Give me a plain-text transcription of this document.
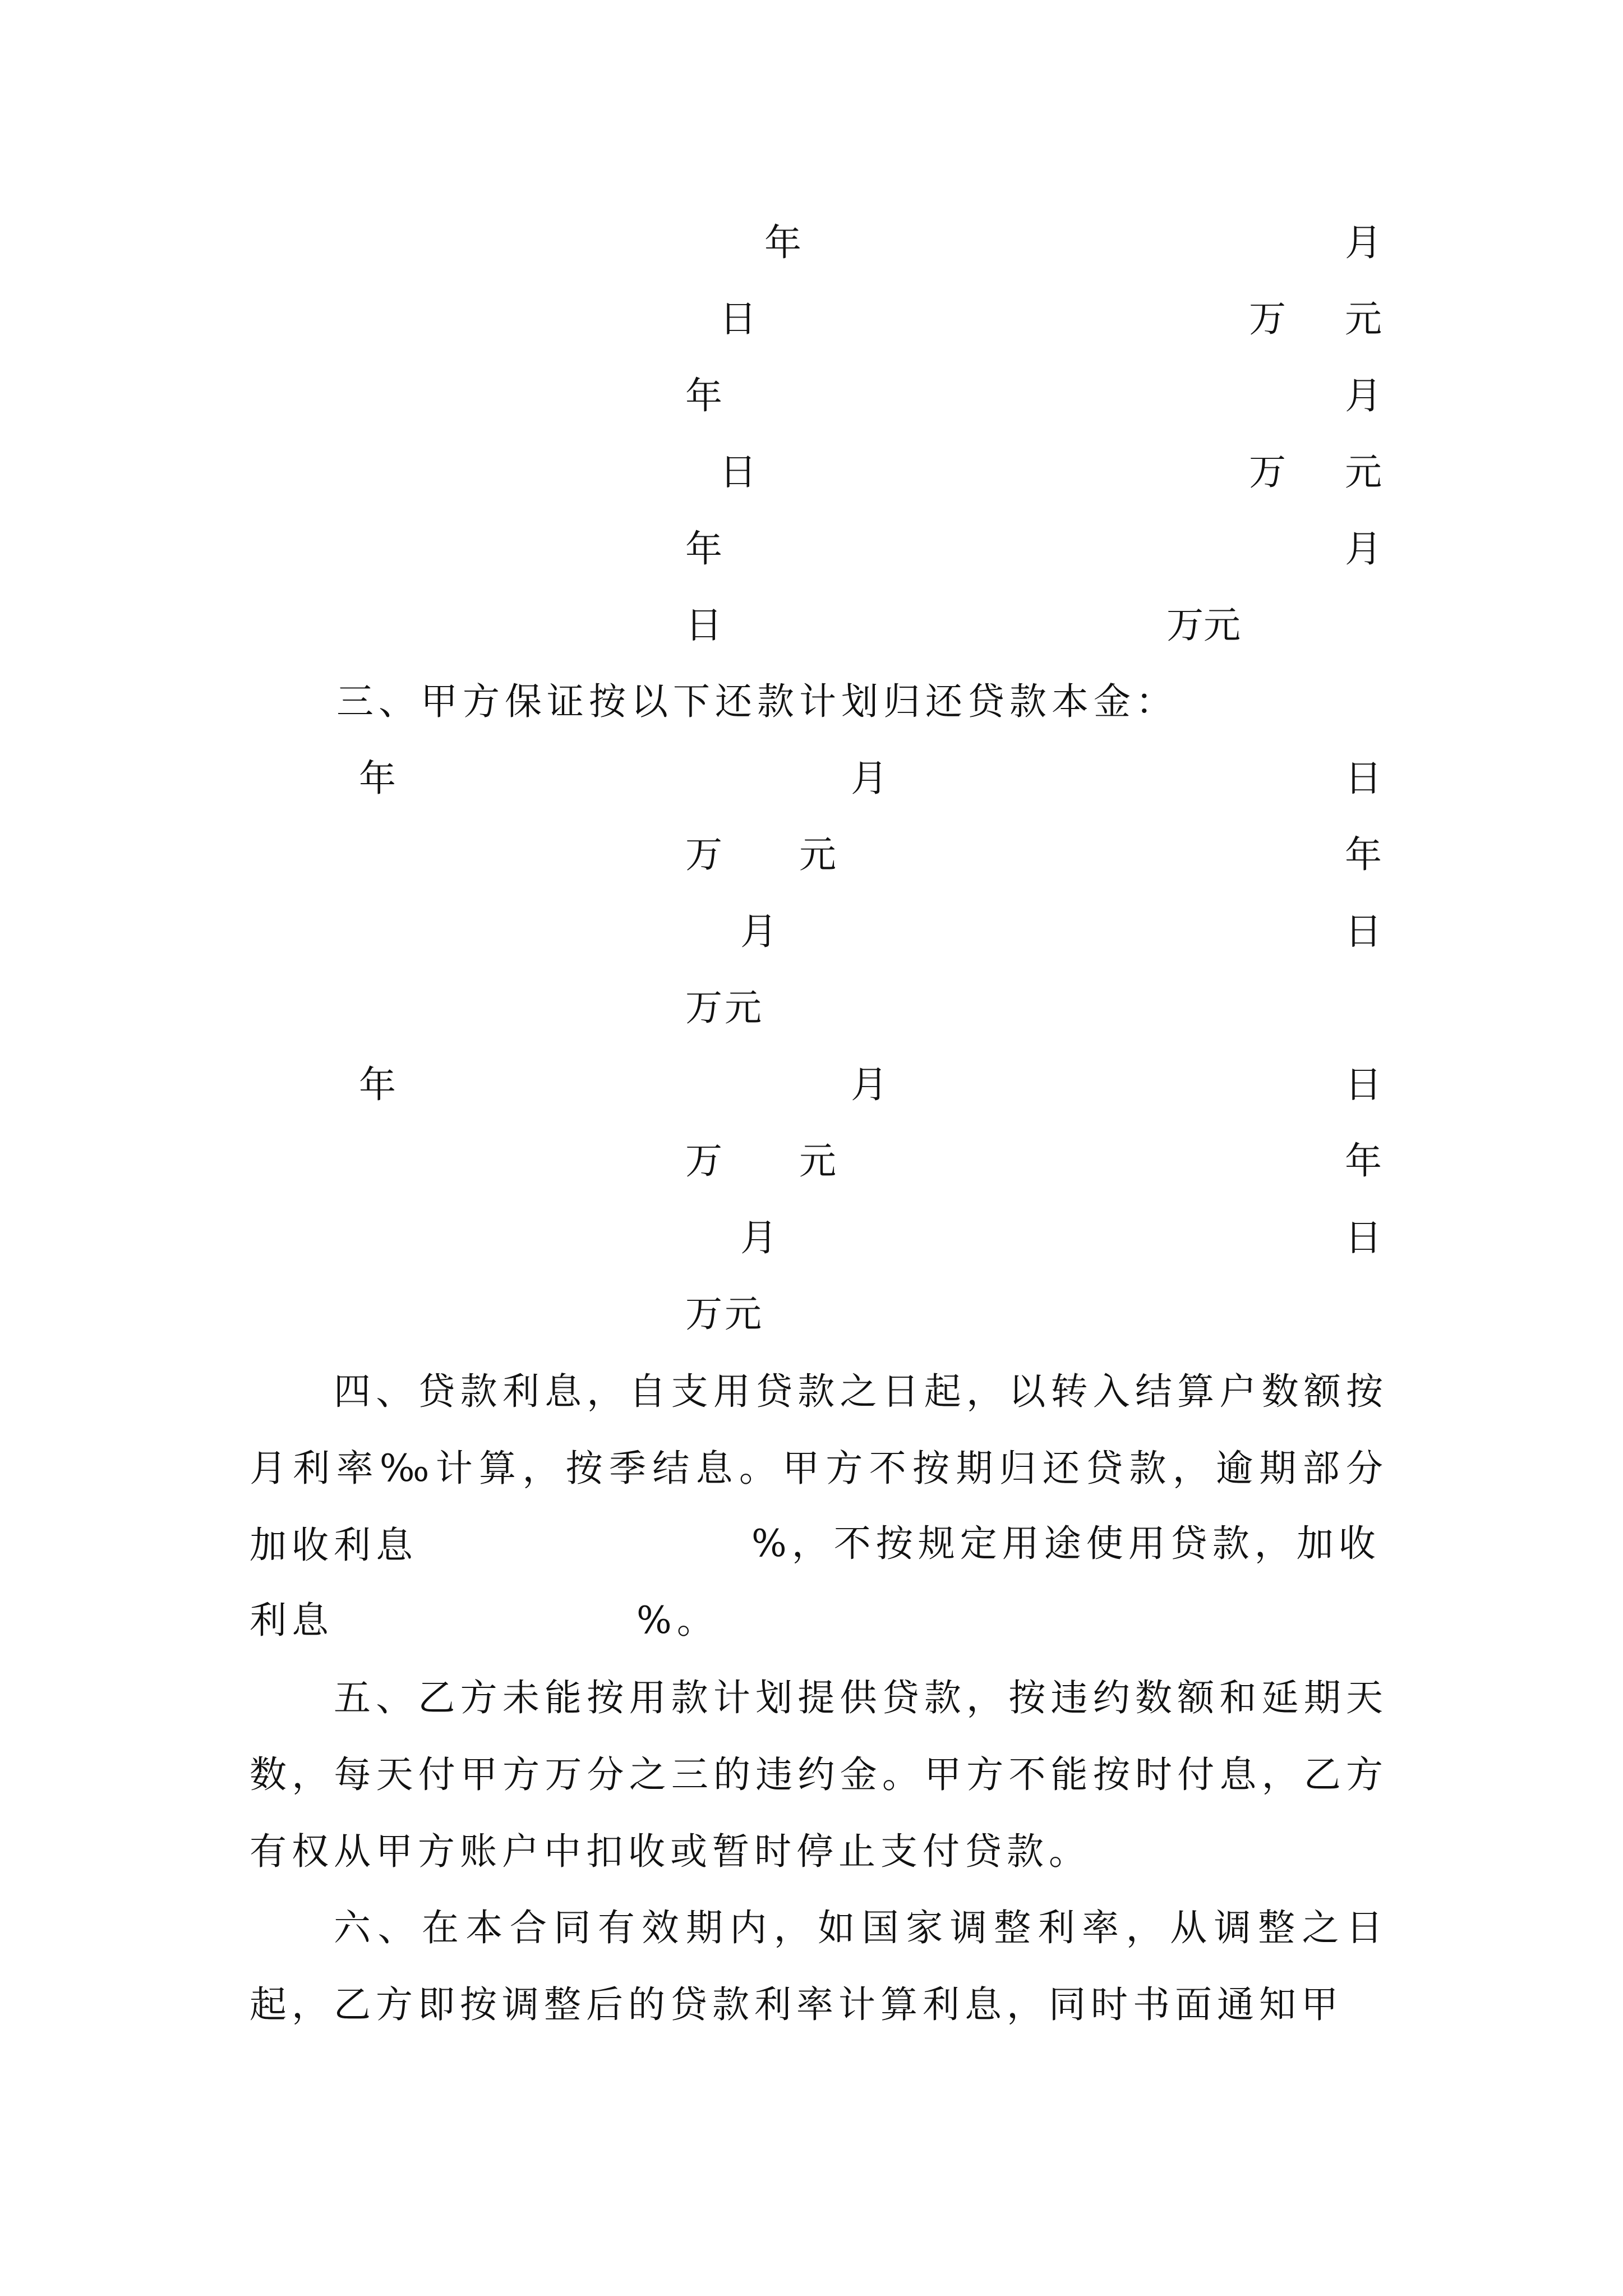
年	月
日	万 元
年	月
日	万 元
年	月
日	万元
三、甲方保证按以下还款计划归还贷款本金：
年	月	日
万 元	年
月	日
万元
年	月	日
万 元	年
月	日
万元
四、贷款利息，自支用贷款之日起，以转入结算户数额按月利率‰计算，按季结息。甲方不按期归还贷款，逾期部分加收利息	%，不按规定用途使用贷款，加收
利息	%。
五、乙方未能按用款计划提供贷款，按违约数额和延期天数，每天付甲方万分之三的违约金。甲方不能按时付息，乙方有权从甲方账户中扣收或暂时停止支付贷款。
六、在本合同有效期内，如国家调整利率，从调整之日起，乙方即按调整后的贷款利率计算利息，同时书面通知甲
